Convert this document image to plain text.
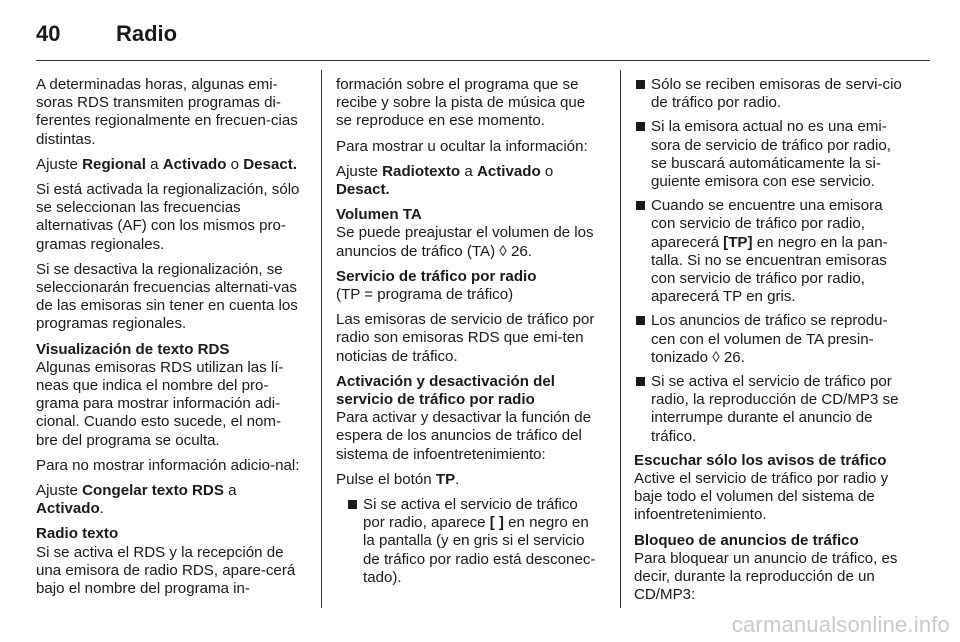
40	Radio

A determinadas horas, algunas emi-soras RDS transmiten programas di-ferentes regionalmente en frecuen-cias distintas.

Ajuste Regional a Activado o Desact.

Si está activada la regionalización, sólo se seleccionan las frecuencias alternativas (AF) con los mismos pro-gramas regionales.

Si se desactiva la regionalización, se seleccionarán frecuencias alternati-vas de las emisoras sin tener en cuenta los programas regionales.

Visualización de texto RDS
Algunas emisoras RDS utilizan las lí-neas que indica el nombre del pro-grama para mostrar información adi-cional. Cuando esto sucede, el nom-bre del programa se oculta.

Para no mostrar información adicio-nal:

Ajuste Congelar texto RDS a
Activado.

Radio texto
Si se activa el RDS y la recepción de una emisora de radio RDS, apare-cerá bajo el nombre del programa in-

formación sobre el programa que se recibe y sobre la pista de música que se reproduce en ese momento.

Para mostrar u ocultar la información:

Ajuste Radiotexto a Activado o
Desact.

Volumen TA
Se puede preajustar el volumen de los anuncios de tráfico (TA) ◊ 26.
Servicio de tráfico por radio
(TP = programa de tráfico)

Las emisoras de servicio de tráfico por radio son emisoras RDS que emi-ten noticias de tráfico.

Activación y desactivación del
servicio de tráfico por radio
Para activar y desactivar la función de espera de los anuncios de tráfico del sistema de infoentretenimiento:

Pulse el botón TP.

Si se activa el servicio de tráfico por radio, aparece [ ] en negro en la pantalla (y en gris si el servicio de tráfico por radio está desconec-tado).
Sólo se reciben emisoras de servi-cio de tráfico por radio.
Si la emisora actual no es una emi-sora de servicio de tráfico por radio, se buscará automáticamente la si-guiente emisora con ese servicio.
Cuando se encuentre una emisora con servicio de tráfico por radio, aparecerá [TP] en negro en la pan-talla. Si no se encuentran emisoras con servicio de tráfico por radio, aparecerá TP en gris.
Los anuncios de tráfico se reprodu-cen con el volumen de TA presin-tonizado ◊ 26.
Si se activa el servicio de tráfico por radio, la reproducción de CD/MP3 se interrumpe durante el anuncio de tráfico.
Escuchar sólo los avisos de tráfico
Active el servicio de tráfico por radio y baje todo el volumen del sistema de infoentretenimiento.
Bloqueo de anuncios de tráfico
Para bloquear un anuncio de tráfico, es decir, durante la reproducción de un CD/MP3:
carmanualsonline.info
